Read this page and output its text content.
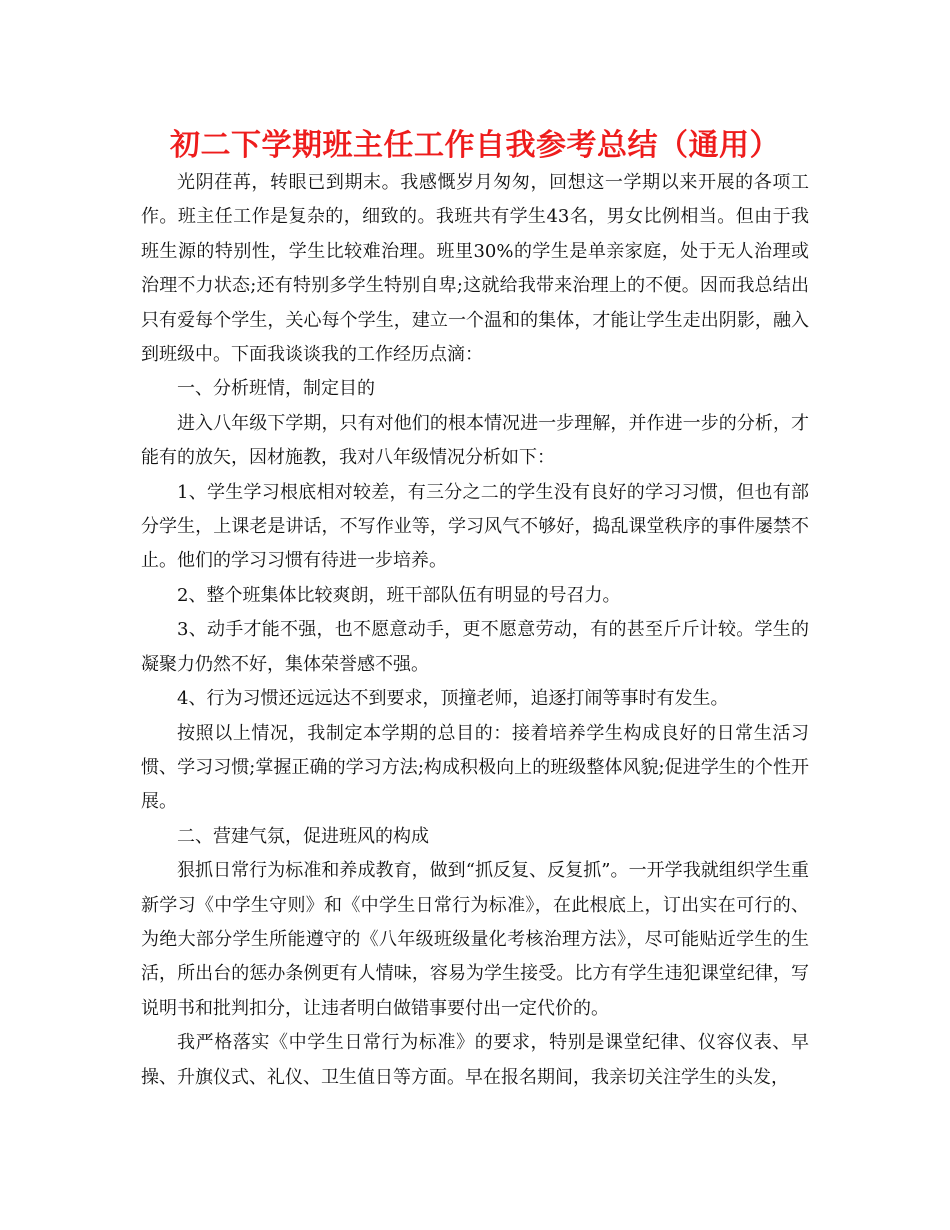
初二下学期班主任工作自我参考总结（通用）

光阴荏苒，转眼已到期末。我感慨岁月匆匆，回想这一学期以来开展的各项工作。班主任工作是复杂的，细致的。我班共有学生43名，男女比例相当。但由于我班生源的特别性，学生比较难治理。班里30%的学生是单亲家庭，处于无人治理或治理不力状态;还有特别多学生特别自卑;这就给我带来治理上的不便。因而我总结出只有爱每个学生，关心每个学生，建立一个温和的集体，才能让学生走出阴影，融入到班级中。下面我谈谈我的工作经历点滴：

一、分析班情，制定目的

进入八年级下学期，只有对他们的根本情况进一步理解，并作进一步的分析，才能有的放矢，因材施教，我对八年级情况分析如下：

1、学生学习根底相对较差，有三分之二的学生没有良好的学习习惯，但也有部分学生，上课老是讲话，不写作业等，学习风气不够好，捣乱课堂秩序的事件屡禁不止。他们的学习习惯有待进一步培养。

2、整个班集体比较爽朗，班干部队伍有明显的号召力。

3、动手才能不强，也不愿意动手，更不愿意劳动，有的甚至斤斤计较。学生的凝聚力仍然不好，集体荣誉感不强。

4、行为习惯还远远达不到要求，顶撞老师，追逐打闹等事时有发生。

按照以上情况，我制定本学期的总目的：接着培养学生构成良好的日常生活习惯、学习习惯;掌握正确的学习方法;构成积极向上的班级整体风貌;促进学生的个性开展。

二、营建气氛，促进班风的构成

狠抓日常行为标准和养成教育，做到“抓反复、反复抓”。一开学我就组织学生重新学习《中学生守则》和《中学生日常行为标准》，在此根底上，订出实在可行的、为绝大部分学生所能遵守的《八年级班级量化考核治理方法》，尽可能贴近学生的生活，所出台的惩办条例更有人情味，容易为学生接受。比方有学生违犯课堂纪律，写说明书和批判扣分，让违者明白做错事要付出一定代价的。

我严格落实《中学生日常行为标准》的要求，特别是课堂纪律、仪容仪表、早操、升旗仪式、礼仪、卫生值日等方面。早在报名期间，我亲切关注学生的头发，
